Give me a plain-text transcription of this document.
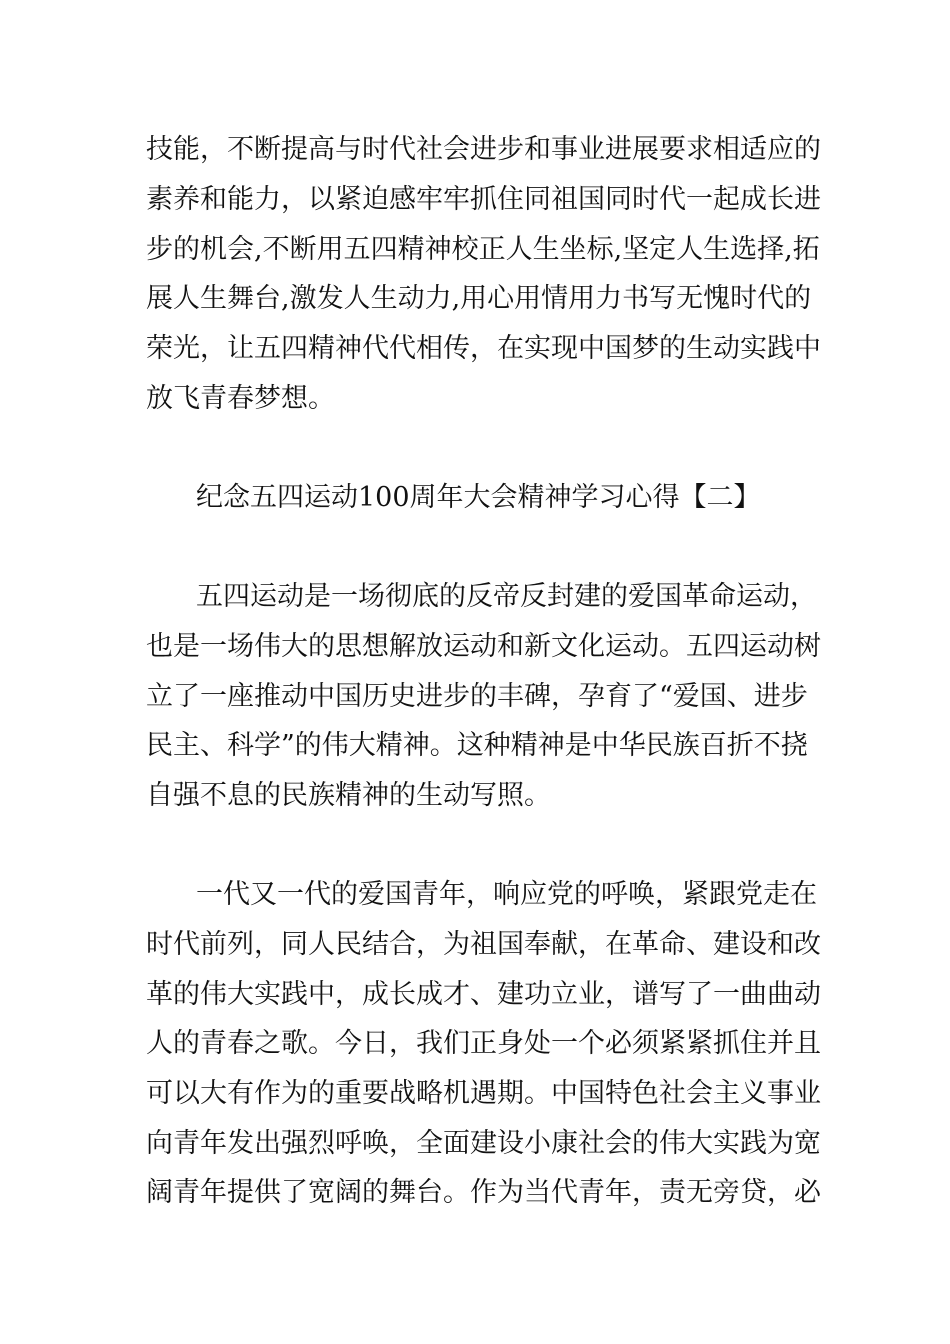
技能，不断提高与时代社会进步和事业进展要求相适应的
素养和能力，以紧迫感牢牢抓住同祖国同时代一起成长进
步的机会,不断用五四精神校正人生坐标,坚定人生选择,拓
展人生舞台,激发人生动力,用心用情用力书写无愧时代的
荣光，让五四精神代代相传，在实现中国梦的生动实践中
放飞青春梦想。
纪念五四运动100周年大会精神学习心得【二】
五四运动是一场彻底的反帝反封建的爱国革命运动，
也是一场伟大的思想解放运动和新文化运动。五四运动树
立了一座推动中国历史进步的丰碑，孕育了“爱国、进步
民主、科学”的伟大精神。这种精神是中华民族百折不挠
自强不息的民族精神的生动写照。
一代又一代的爱国青年，响应党的呼唤，紧跟党走在
时代前列，同人民结合，为祖国奉献，在革命、建设和改
革的伟大实践中，成长成才、建功立业，谱写了一曲曲动
人的青春之歌。今日，我们正身处一个必须紧紧抓住并且
可以大有作为的重要战略机遇期。中国特色社会主义事业
向青年发出强烈呼唤，全面建设小康社会的伟大实践为宽
阔青年提供了宽阔的舞台。作为当代青年，责无旁贷，必
